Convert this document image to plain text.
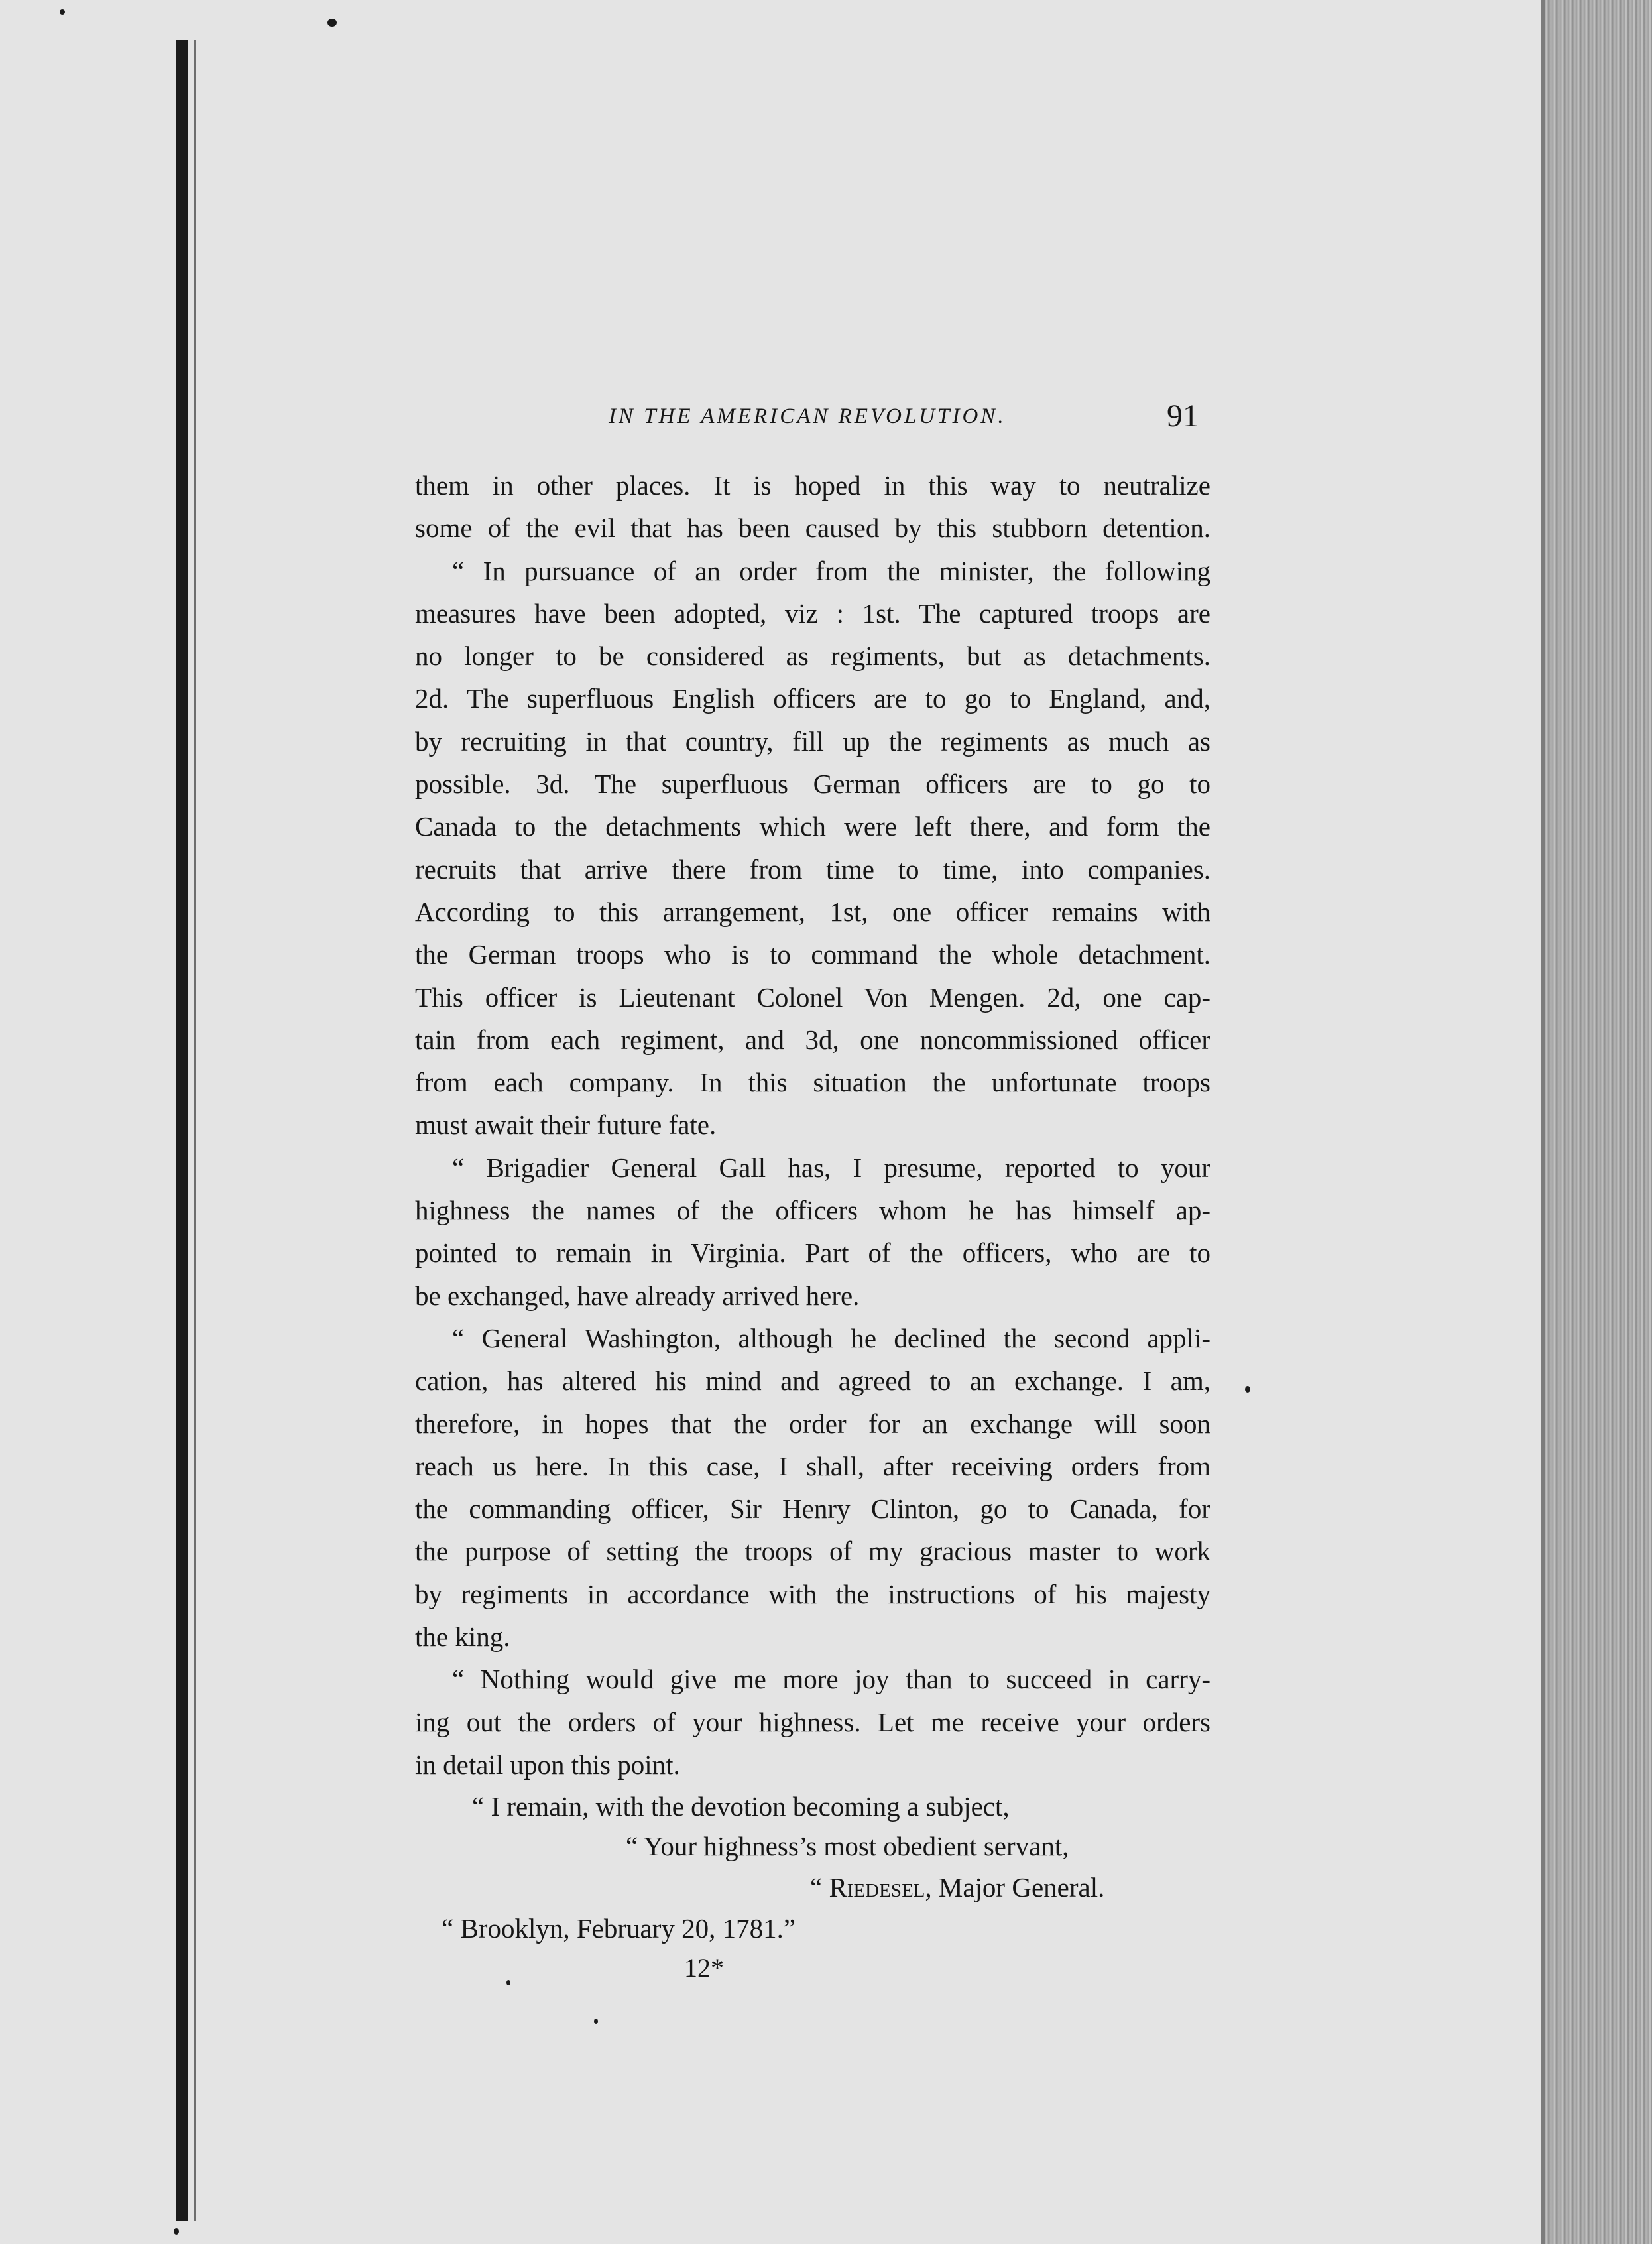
IN THE AMERICAN REVOLUTION.	91
them in other places. It is hoped in this way to neutralize
some of the evil that has been caused by this stubborn detention.
“ In pursuance of an order from the minister, the following
measures have been adopted, viz : 1st. The captured troops are
no longer to be considered as regiments, but as detachments.
2d. The superfluous English officers are to go to England, and,
by recruiting in that country, fill up the regiments as much as
possible. 3d. The superfluous German officers are to go to
Canada to the detachments which were left there, and form the
recruits that arrive there from time to time, into companies.
According to this arrangement, 1st, one officer remains with
the German troops who is to command the whole detachment.
This officer is Lieutenant Colonel Von Mengen. 2d, one cap-
tain from each regiment, and 3d, one noncommissioned officer
from each company. In this situation the unfortunate troops
must await their future fate.
“ Brigadier General Gall has, I presume, reported to your
highness the names of the officers whom he has himself ap-
pointed to remain in Virginia. Part of the officers, who are to
be exchanged, have already arrived here.
“ General Washington, although he declined the second appli-
cation, has altered his mind and agreed to an exchange. I am,
therefore, in hopes that the order for an exchange will soon
reach us here. In this case, I shall, after receiving orders from
the commanding officer, Sir Henry Clinton, go to Canada, for
the purpose of setting the troops of my gracious master to work
by regiments in accordance with the instructions of his majesty
the king.
“ Nothing would give me more joy than to succeed in carry-
ing out the orders of your highness. Let me receive your orders
in detail upon this point.
“ I remain, with the devotion becoming a subject,
“ Your highness’s most obedient servant,
“ Riedesel, Major General.
“ Brooklyn, February 20, 1781.”
12*
